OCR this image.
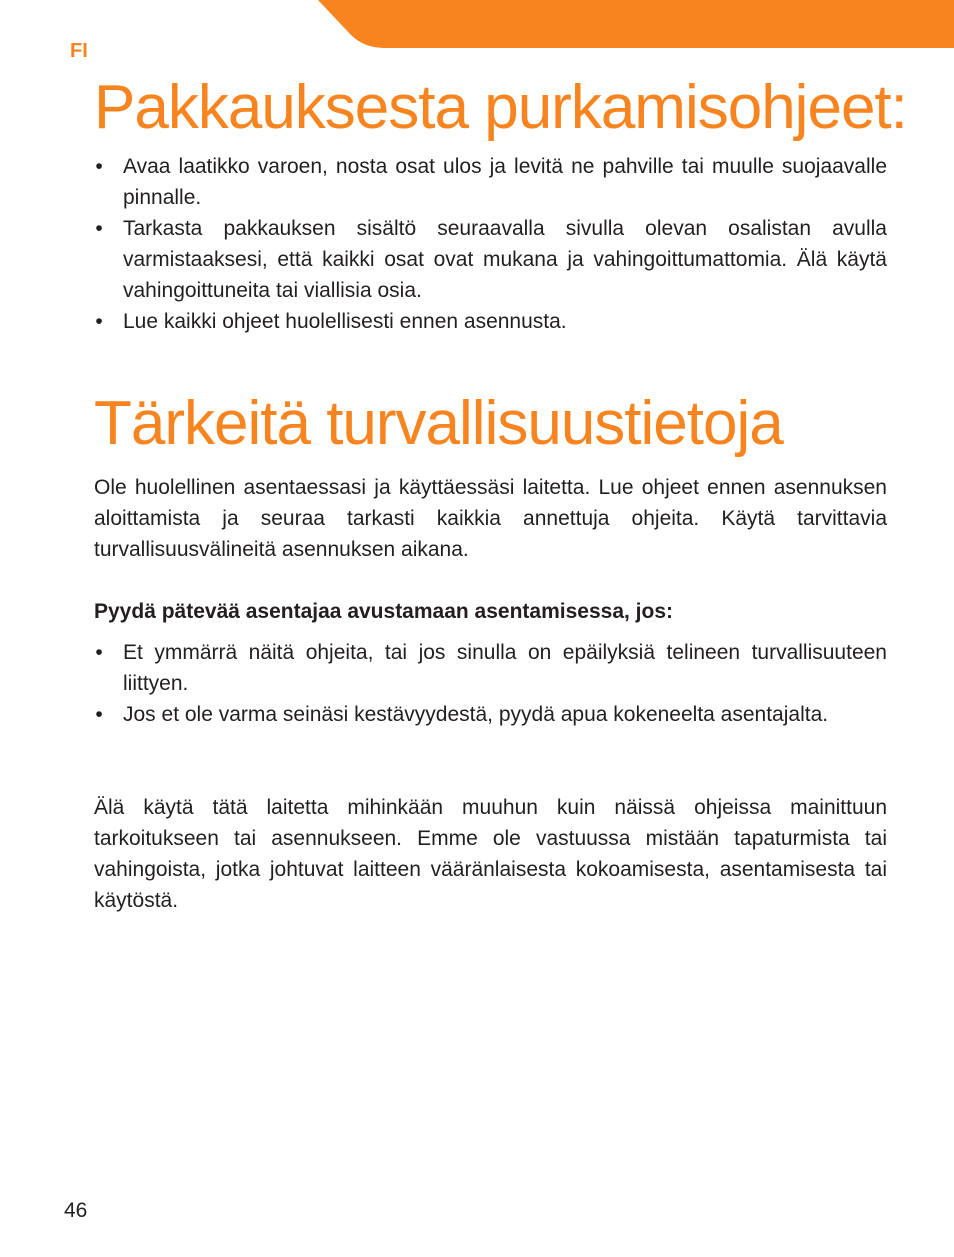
FI
Pakkauksesta purkamisohjeet:
• Avaa laatikko varoen, nosta osat ulos ja levitä ne pahville tai muulle suojaavalle pinnalle.
• Tarkasta pakkauksen sisältö seuraavalla sivulla olevan osalistan avulla varmistaaksesi, että kaikki osat ovat mukana ja vahingoittumattomia. Älä käytä vahingoittuneita tai viallisia osia.
• Lue kaikki ohjeet huolellisesti ennen asennusta.
Tärkeitä turvallisuustietoja

Ole huolellinen asentaessasi ja käyttäessäsi laitetta. Lue ohjeet ennen asennuksen aloittamista ja seuraa tarkasti kaikkia annettuja ohjeita. Käytä tarvittavia turvallisuusvälineitä asennuksen aikana.

Pyydä pätevää asentajaa avustamaan asentamisessa, jos:

• Et ymmärrä näitä ohjeita, tai jos sinulla on epäilyksiä telineen turvallisuuteen liittyen.
• Jos et ole varma seinäsi kestävyydestä, pyydä apua kokeneelta asentajalta.

Älä käytä tätä laitetta mihinkään muuhun kuin näissä ohjeissa mainittuun tarkoitukseen tai asennukseen. Emme ole vastuussa mistään tapaturmista tai vahingoista, jotka johtuvat laitteen vääränlaisesta kokoamisesta, asentamisesta tai käytöstä.

46
